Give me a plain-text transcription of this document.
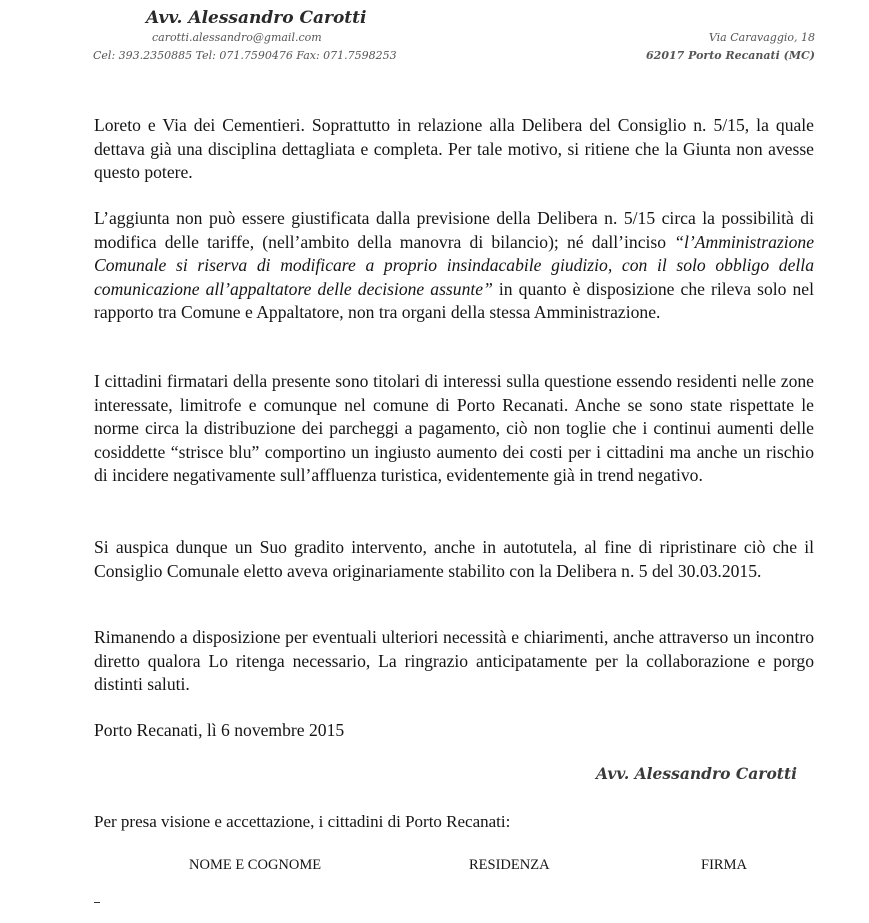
Avv. Alessandro Carotti
carotti.alessandro@gmail.com
Cel: 393.2350885 Tel: 071.7590476 Fax: 071.7598253
Via Caravaggio, 18
62017 Porto Recanati (MC)
Loreto e Via dei Cementieri. Soprattutto in relazione alla Delibera del Consiglio n. 5/15, la quale dettava già una disciplina dettagliata e completa. Per tale motivo, si ritiene che la Giunta non avesse questo potere.
L’aggiunta non può essere giustificata dalla previsione della Delibera n. 5/15 circa la possibilità di modifica delle tariffe, (nell’ambito della manovra di bilancio); né dall’inciso “l’Amministrazione Comunale si riserva di modificare a proprio insindacabile giudizio, con il solo obbligo della comunicazione all’appaltatore delle decisione assunte” in quanto è disposizione che rileva solo nel rapporto tra Comune e Appaltatore, non tra organi della stessa Amministrazione.
I cittadini firmatari della presente sono titolari di interessi sulla questione essendo residenti nelle zone interessate, limitrofe e comunque nel comune di Porto Recanati. Anche se sono state rispettate le norme circa la distribuzione dei parcheggi a pagamento, ciò non toglie che i continui aumenti delle cosiddette “strisce blu” comportino un ingiusto aumento dei costi per i cittadini ma anche un rischio di incidere negativamente sull’affluenza turistica, evidentemente già in trend negativo.
Si auspica dunque un Suo gradito intervento, anche in autotutela, al fine di ripristinare ciò che il Consiglio Comunale eletto aveva originariamente stabilito con la Delibera n. 5 del 30.03.2015.
Rimanendo a disposizione per eventuali ulteriori necessità e chiarimenti, anche attraverso un incontro diretto qualora Lo ritenga necessario, La ringrazio anticipatamente per la collaborazione e porgo distinti saluti.
Porto Recanati, lì 6 novembre 2015
Avv. Alessandro Carotti
Per presa visione e accettazione, i cittadini di Porto Recanati:
NOME E COGNOME	RESIDENZA	FIRMA
